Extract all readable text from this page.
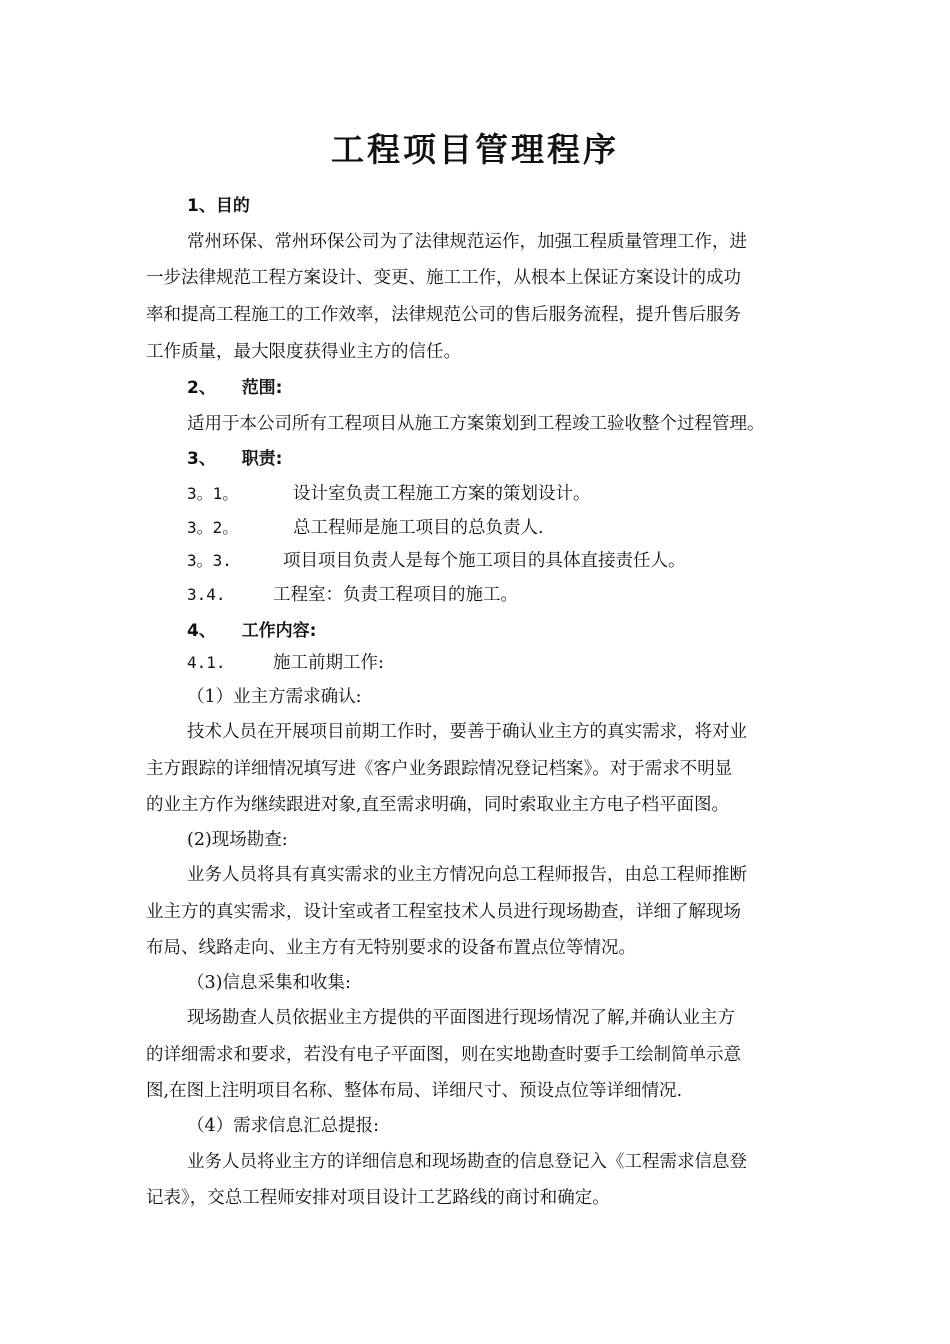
工程项目管理程序
1、目的
常州环保、常州环保公司为了法律规范运作，加强工程质量管理工作，进
一步法律规范工程方案设计、变更、施工工作，从根本上保证方案设计的成功
率和提高工程施工的工作效率，法律规范公司的售后服务流程，提升售后服务
工作质量，最大限度获得业主方的信任。
2、 范围:
适用于本公司所有工程项目从施工方案策划到工程竣工验收整个过程管理。
3、 职责:
3。1。	设计室负责工程施工方案的策划设计。
3。2。	总工程师是施工项目的总负责人.
3。3.	项目项目负责人是每个施工项目的具体直接责任人。
3.4.	工程室：负责工程项目的施工。
4、 工作内容:
4.1.	施工前期工作:
（1）业主方需求确认:
技术人员在开展项目前期工作时，要善于确认业主方的真实需求，将对业
主方跟踪的详细情况填写进《客户业务跟踪情况登记档案》。对于需求不明显
的业主方作为继续跟进对象,直至需求明确，同时索取业主方电子档平面图。
(2)现场勘查:
业务人员将具有真实需求的业主方情况向总工程师报告，由总工程师推断
业主方的真实需求，设计室或者工程室技术人员进行现场勘查，详细了解现场
布局、线路走向、业主方有无特别要求的设备布置点位等情况。
（3)信息采集和收集:
现场勘查人员依据业主方提供的平面图进行现场情况了解,并确认业主方
的详细需求和要求，若没有电子平面图，则在实地勘查时要手工绘制简单示意
图,在图上注明项目名称、整体布局、详细尺寸、预设点位等详细情况.
（4）需求信息汇总提报:
业务人员将业主方的详细信息和现场勘查的信息登记入《工程需求信息登
记表》，交总工程师安排对项目设计工艺路线的商讨和确定。
